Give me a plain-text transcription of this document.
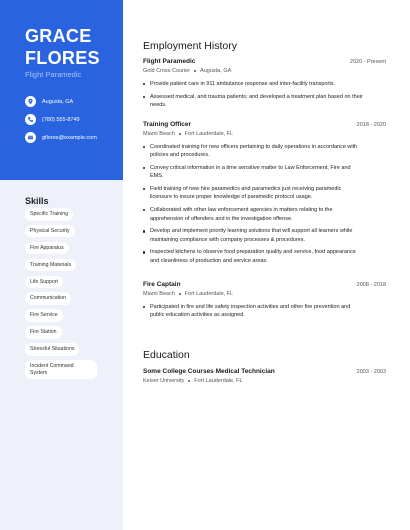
GRACE
FLORES
Flight Paramedic
Augusta, GA
(780) 555-8749
gflores@example.com
Skills
Specific Training
Physical Security
Fire Apparatus
Training Materials
Life Support
Communication
Fire Service
Fire Station
Stressful Situations
Incident Command System
Employment History
Flight Paramedic	2020 - Present
Gold Cross Courier Augusta, GA
Provide patient care in 911 ambulance response and inter-facility transports.
Assessed medical, and trauma patients; and developed a treatment plan based on their needs.
Training Officer	2018 - 2020
Miami Beach Fort Lauderdale, FL
Coordinated training for new officers pertaining to daily operations in accordance with policies and procedures.
Convey critical information in a time sensitive matter to Law Enforcement, Fire and EMS.
Field training of new hire paramedics and paramedics just receiving paramedic licensure to insure proper knowledge of paramedic protocol usage.
Collaborated with other law enforcement agencies in matters relating to the apprehension of offenders and in the investigation offense.
Develop and implement priority learning solutions that will support all learners while maintaining compliance with company processes & procedures.
Inspected kitchens to observe food preparation quality and service, food appearance and cleanliness of production and service areas.
Fire Captain	2008 - 2018
Miami Beach Fort Lauderdale, FL
Participated in fire and life safety inspection activities and other fire prevention and public education activities as assigned.
Education
Some College Courses Medical Technician	2003 - 2003
Keiser University Fort Lauderdale, FL
